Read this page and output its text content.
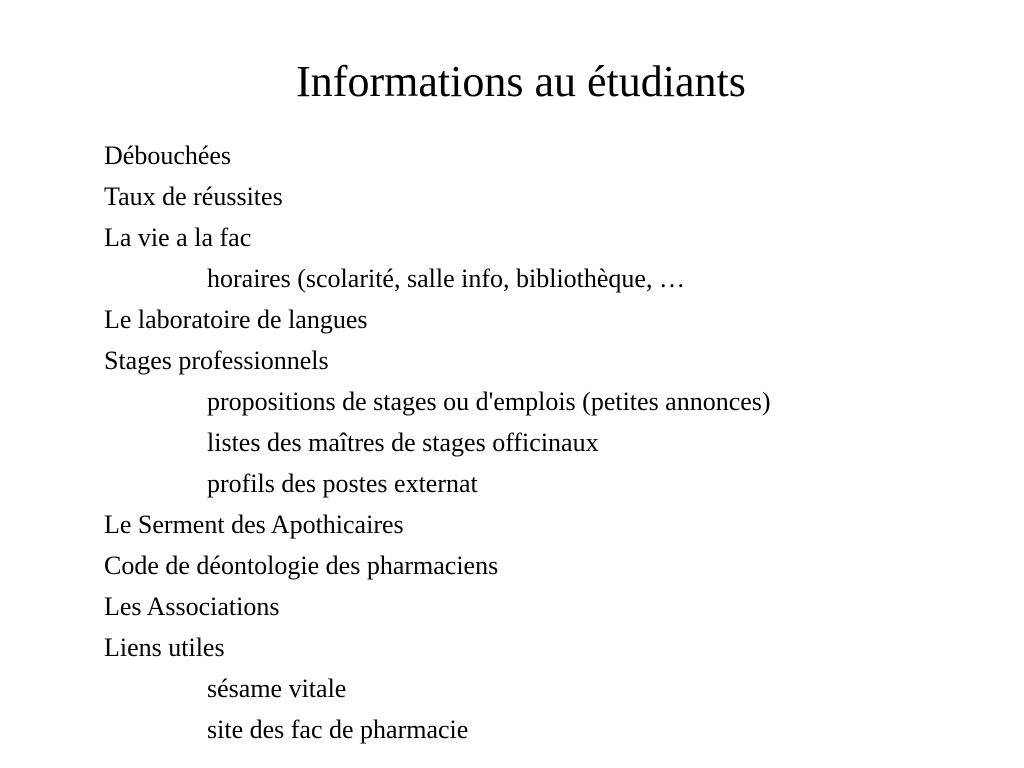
Informations au étudiants
Débouchées
Taux de réussites
La vie a la fac
horaires (scolarité, salle info, bibliothèque, …
Le laboratoire de langues
Stages professionnels
propositions de stages ou d'emplois (petites annonces)
listes des maîtres de stages officinaux
profils des postes externat
Le Serment des Apothicaires
Code de déontologie des pharmaciens
Les Associations
Liens utiles
sésame vitale
site des fac de pharmacie
